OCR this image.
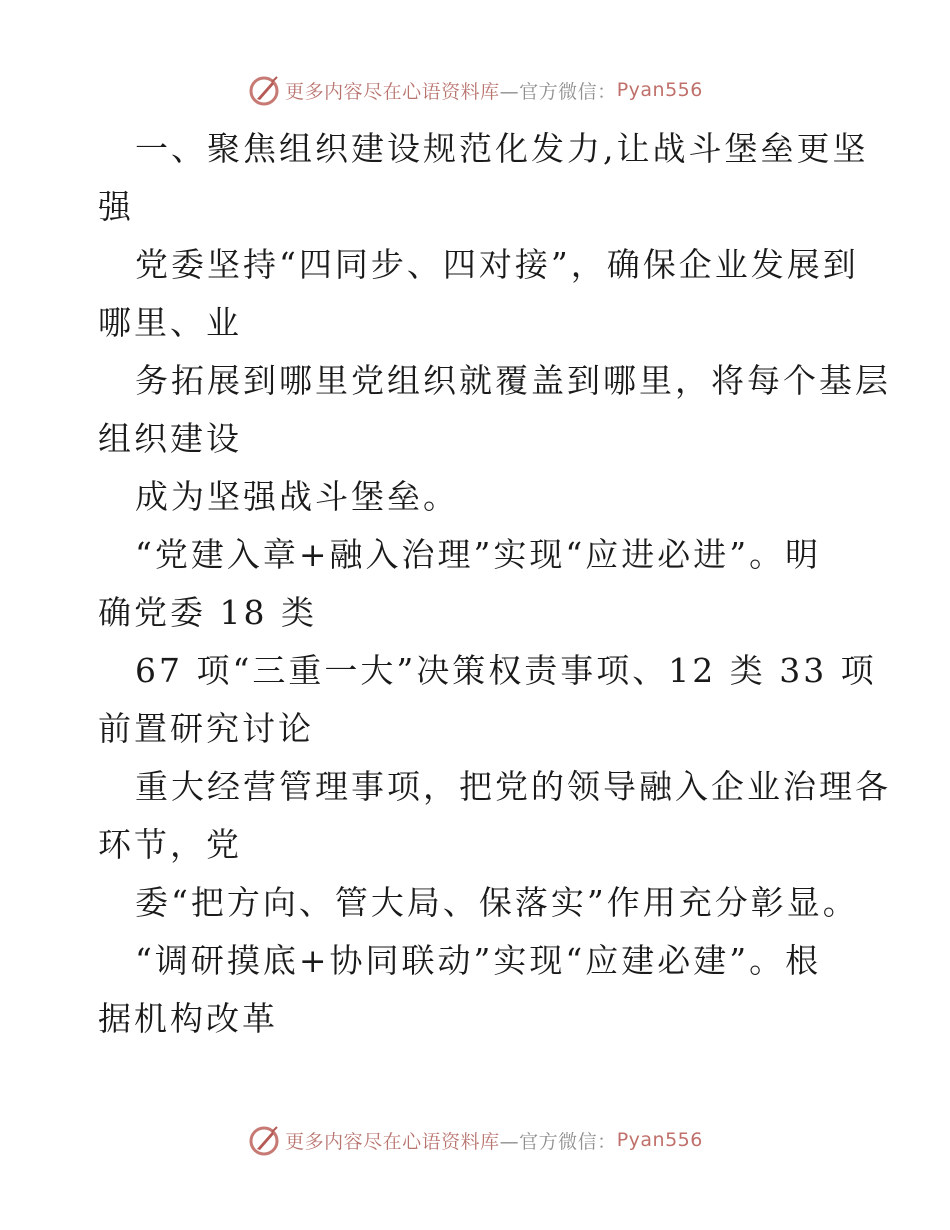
更多内容尽在心语资料库 —官方微信： Pyan556
一、聚焦组织建设规范化发力,让战斗堡垒更坚
强
党委坚持“四同步、四对接”，确保企业发展到
哪里、业
务拓展到哪里党组织就覆盖到哪里，将每个基层
组织建设
成为坚强战斗堡垒。
“党建入章+融入治理”实现“应进必进”。明
确党委 18 类
67 项“三重一大”决策权责事项、12 类 33 项
前置研究讨论
重大经营管理事项，把党的领导融入企业治理各
环节，党
委“把方向、管大局、保落实”作用充分彰显。
“调研摸底+协同联动”实现“应建必建”。根
据机构改革
更多内容尽在心语资料库 —官方微信： Pyan556
